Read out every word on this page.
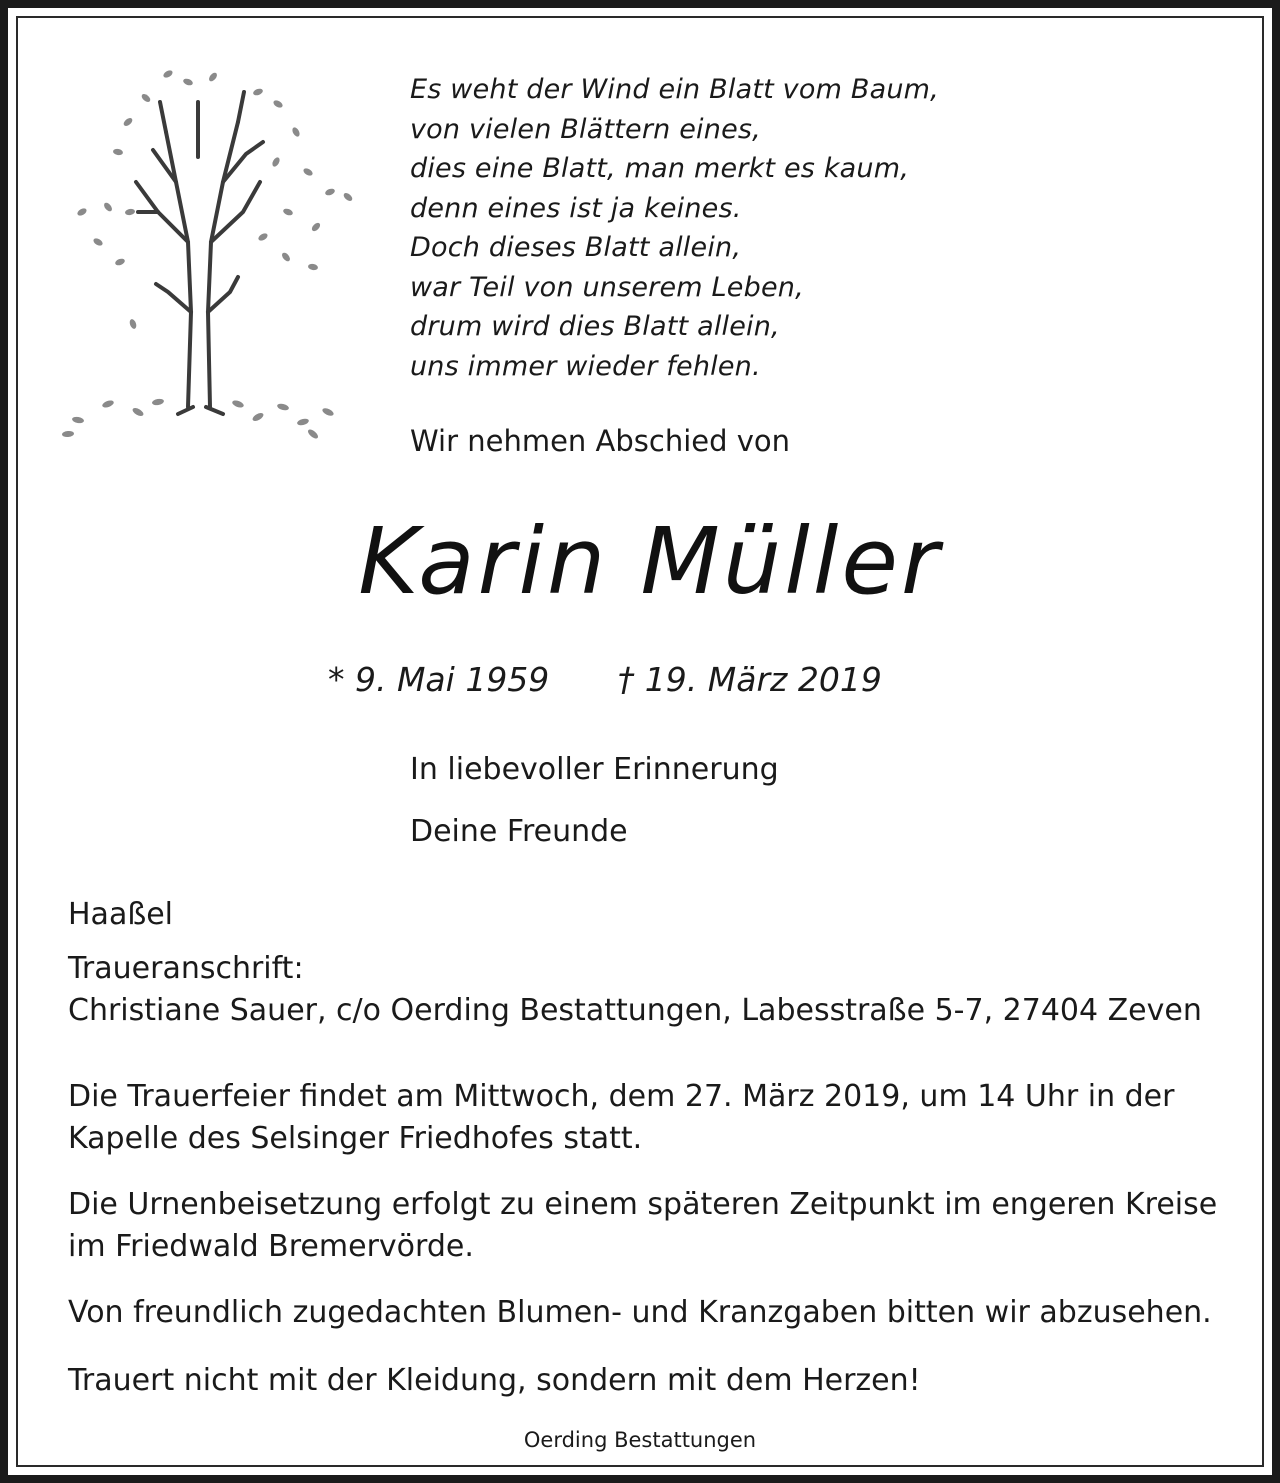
Es weht der Wind ein Blatt vom Baum,
von vielen Blättern eines,
dies eine Blatt, man merkt es kaum,
denn eines ist ja keines.
Doch dieses Blatt allein,
war Teil von unserem Leben,
drum wird dies Blatt allein,
uns immer wieder fehlen.
Wir nehmen Abschied von
Karin Müller
* 9. Mai 1959 † 19. März 2019
In liebevoller Erinnerung
Deine Freunde
Haaßel
Traueranschrift:
Christiane Sauer, c/o Oerding Bestattungen, Labesstraße 5-7, 27404 Zeven
Die Trauerfeier findet am Mittwoch, dem 27. März 2019, um 14 Uhr in der
Kapelle des Selsinger Friedhofes statt.
Die Urnenbeisetzung erfolgt zu einem späteren Zeitpunkt im engeren Kreise
im Friedwald Bremervörde.
Von freundlich zugedachten Blumen- und Kranzgaben bitten wir abzusehen.
Trauert nicht mit der Kleidung, sondern mit dem Herzen!
Oerding Bestattungen
